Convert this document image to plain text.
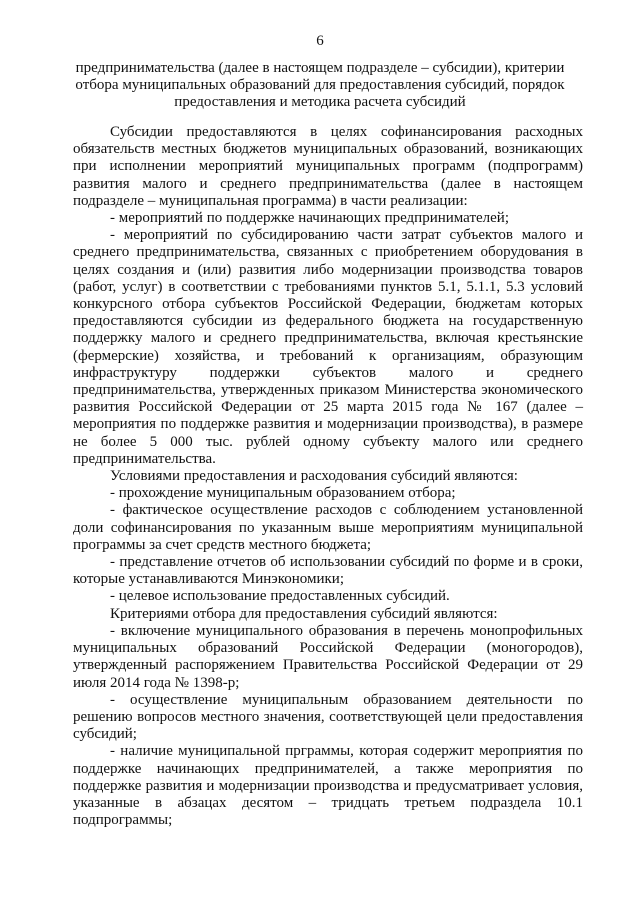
6
предпринимательства (далее в настоящем подразделе – субсидии), критерии отбора муниципальных образований для предоставления субсидий, порядок предоставления и методика расчета субсидий

Субсидии предоставляются в целях софинансирования расходных обязательств местных бюджетов муниципальных образований, возникающих при исполнении мероприятий муниципальных программ (подпрограмм) развития малого и среднего предпринимательства (далее в настоящем подразделе – муниципальная программа) в части реализации:

- мероприятий по поддержке начинающих предпринимателей;

- мероприятий по субсидированию части затрат субъектов малого и среднего предпринимательства, связанных с приобретением оборудования в целях создания и (или) развития либо модернизации производства товаров (работ, услуг) в соответствии с требованиями пунктов 5.1, 5.1.1, 5.3 условий конкурсного отбора субъектов Российской Федерации, бюджетам которых предоставляются субсидии из федерального бюджета на государственную поддержку малого и среднего предпринимательства, включая крестьянские (фермерские) хозяйства, и требований к организациям, образующим инфраструктуру поддержки субъектов малого и среднего предпринимательства, утвержденных приказом Министерства экономического развития Российской Федерации от 25 марта 2015 года № 167 (далее – мероприятия по поддержке развития и модернизации производства), в размере не более 5 000 тыс. рублей одному субъекту малого или среднего предпринимательства.

Условиями предоставления и расходования субсидий являются:

- прохождение муниципальным образованием отбора;

- фактическое осуществление расходов с соблюдением установленной доли софинансирования по указанным выше мероприятиям муниципальной программы за счет средств местного бюджета;

- представление отчетов об использовании субсидий по форме и в сроки, которые устанавливаются Минэкономики;

- целевое использование предоставленных субсидий.

Критериями отбора для предоставления субсидий являются:

- включение муниципального образования в перечень монопрофильных муниципальных образований Российской Федерации (моногородов), утвержденный распоряжением Правительства Российской Федерации от 29 июля 2014 года № 1398-р;

- осуществление муниципальным образованием деятельности по решению вопросов местного значения, соответствующей цели предоставления субсидий;

- наличие муниципальной прграммы, которая содержит мероприятия по поддержке начинающих предпринимателей, а также мероприятия по поддержке развития и модернизации производства и предусматривает условия, указанные в абзацах десятом – тридцать третьем подраздела 10.1 подпрограммы;
